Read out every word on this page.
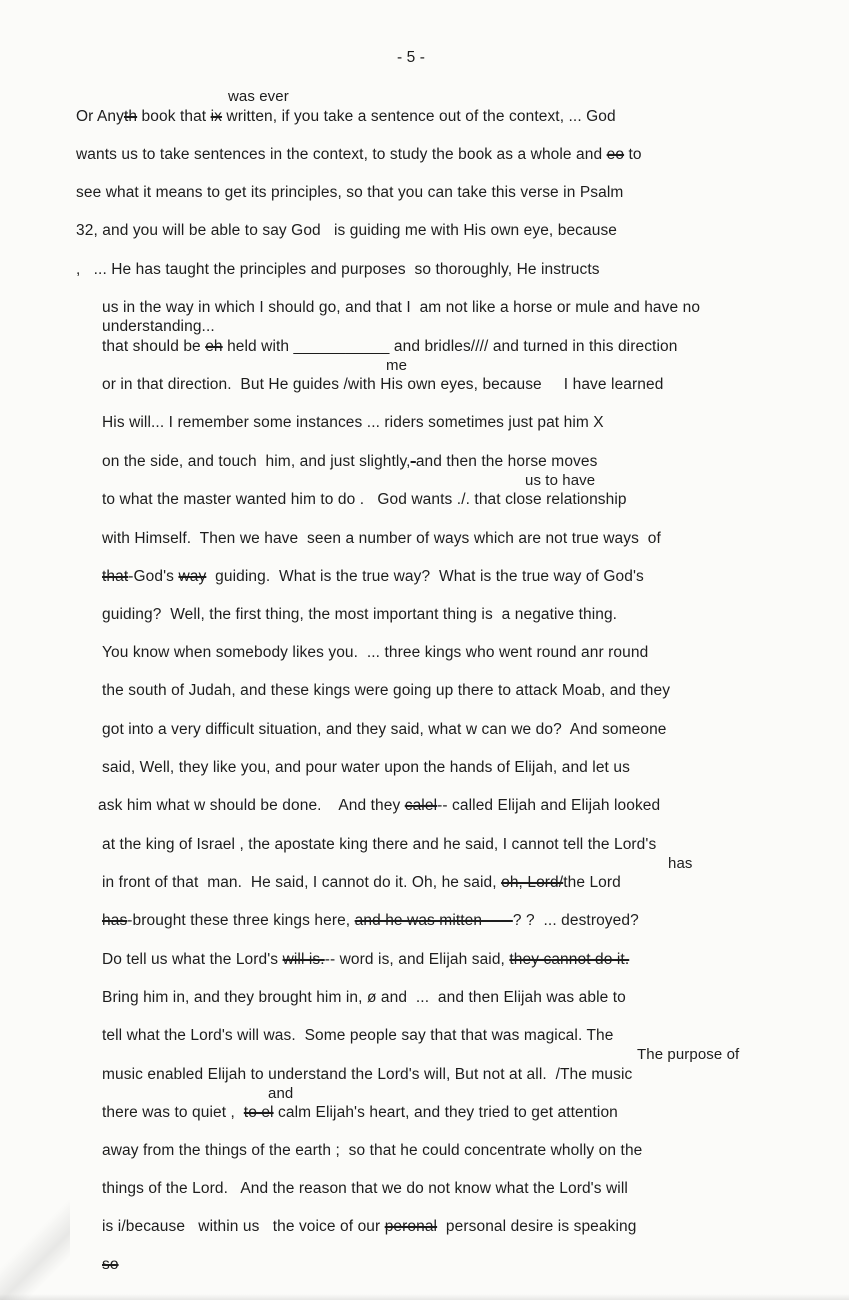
- 5 -
was ever
Or Anyth book that ix written, if you take a sentence out of the context, ... God
wants us to take sentences in the context, to study the book as a whole and eo to
see what it means to get its principles, so that you can take this verse in Psalm
32, and you will be able to say God   is guiding me with His own eye, because
,   ... He has taught the principles and purposes  so thoroughly, He instructs
us in the way in which I should go, and that I  am not like a horse or mule and have no
understanding...
that should be eh held with ___________ and bridles//// and turned in this direction
me
or in that direction.  But He guides /with His own eyes, because     I have learned
His will... I remember some instances ... riders sometimes just pat him X
on the side, and touch  him, and just slightly,-and then the horse moves
us to have
to what the master wanted him to do .   God wants ./. that close relationship
with Himself.  Then we have  seen a number of ways which are not true ways  of
that-God's way  guiding.  What is the true way?  What is the true way of God's
guiding?  Well, the first thing, the most important thing is  a negative thing.
You know when somebody likes you.  ... three kings who went round anr round
the south of Judah, and these kings were going up there to attack Moab, and they
got into a very difficult situation, and they said, what w can we do?  And someone
said, Well, they like you, and pour water upon the hands of Elijah, and let us
ask him what w should be done.    And they calel-- called Elijah and Elijah looked
at the king of Israel , the apostate king there and he said, I cannot tell the Lord's
has
in front of that  man.  He said, I cannot do it. Oh, he said, oh, Lord/the Lord
has-brought these three kings here, and he was mitten -----? ?  ... destroyed?
Do tell us what the Lord's will is.-- word is, and Elijah said, they cannot do it.
Bring him in, and they brought him in, ø and  ...  and then Elijah was able to
tell what the Lord's will was.  Some people say that that was magical. The
The purpose of
music enabled Elijah to understand the Lord's will, But not at all.  /The music
and
there was to quiet ,  to el calm Elijah's heart, and they tried to get attention
away from the things of the earth ;  so that he could concentrate wholly on the
things of the Lord.   And the reason that we do not know what the Lord's will
is i/because   within us   the voice of our peronal  personal desire is speaking
so
